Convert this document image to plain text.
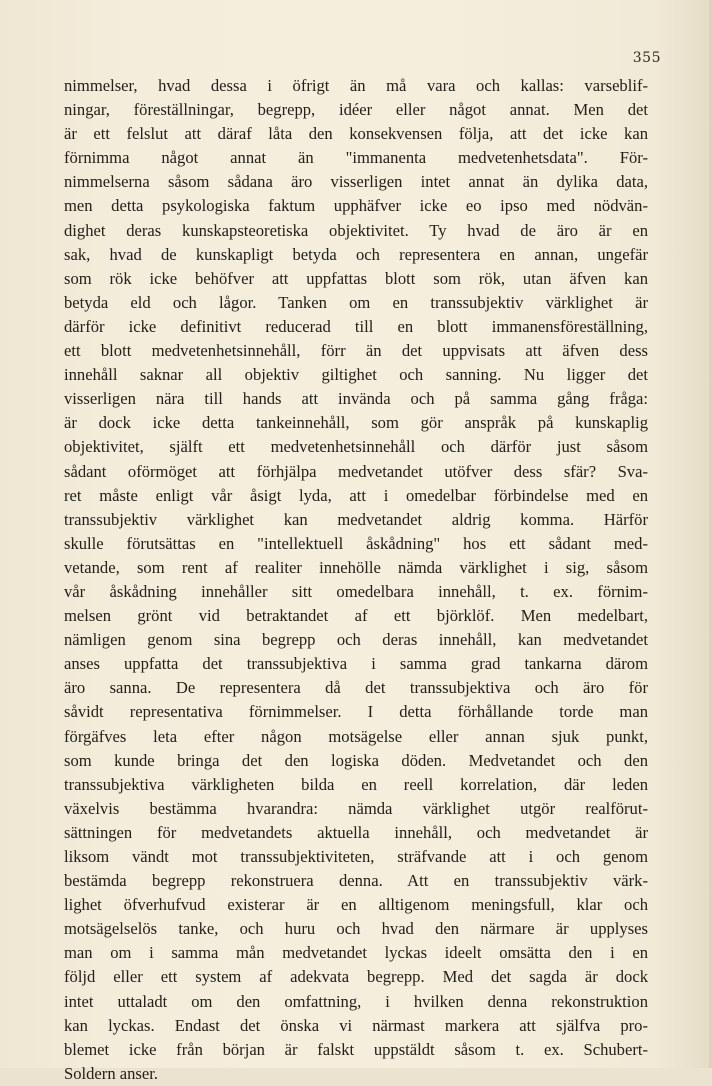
355
nimmelser, hvad dessa i öfrigt än må vara och kallas: varseblif-
ningar, föreställningar, begrepp, idéer eller något annat. Men det
är ett felslut att däraf låta den konsekvensen följa, att det icke kan
förnimma något annat än "immanenta medvetenhetsdata". För-
nimmelserna såsom sådana äro visserligen intet annat än dylika data,
men detta psykologiska faktum upphäfver icke eo ipso med nödvän-
dighet deras kunskapsteoretiska objektivitet. Ty hvad de äro är en
sak, hvad de kunskapligt betyda och representera en annan, ungefär
som rök icke behöfver att uppfattas blott som rök, utan äfven kan
betyda eld och lågor. Tanken om en transsubjektiv värklighet är
därför icke definitivt reducerad till en blott immanensföreställning,
ett blott medvetenhetsinnehåll, förr än det uppvisats att äfven dess
innehåll saknar all objektiv giltighet och sanning. Nu ligger det
visserligen nära till hands att invända och på samma gång fråga:
är dock icke detta tankeinnehåll, som gör anspråk på kunskaplig
objektivitet, själft ett medvetenhetsinnehåll och därför just såsom
sådant oförmöget att förhjälpa medvetandet utöfver dess sfär? Sva-
ret måste enligt vår åsigt lyda, att i omedelbar förbindelse med en
transsubjektiv värklighet kan medvetandet aldrig komma. Härför
skulle förutsättas en "intellektuell åskådning" hos ett sådant med-
vetande, som rent af realiter innehölle nämda värklighet i sig, såsom
vår åskådning innehåller sitt omedelbara innehåll, t. ex. förnim-
melsen grönt vid betraktandet af ett björklöf. Men medelbart,
nämligen genom sina begrepp och deras innehåll, kan medvetandet
anses uppfatta det transsubjektiva i samma grad tankarna därom
äro sanna. De representera då det transsubjektiva och äro för
såvidt representativa förnimmelser. I detta förhållande torde man
förgäfves leta efter någon motsägelse eller annan sjuk punkt,
som kunde bringa det den logiska döden. Medvetandet och den
transsubjektiva värkligheten bilda en reell korrelation, där leden
växelvis bestämma hvarandra: nämda värklighet utgör realförut-
sättningen för medvetandets aktuella innehåll, och medvetandet är
liksom vändt mot transsubjektiviteten, sträfvande att i och genom
bestämda begrepp rekonstruera denna. Att en transsubjektiv värk-
lighet öfverhufvud existerar är en alltigenom meningsfull, klar och
motsägelselös tanke, och huru och hvad den närmare är upplyses
man om i samma mån medvetandet lyckas ideelt omsätta den i en
följd eller ett system af adekvata begrepp. Med det sagda är dock
intet uttaladt om den omfattning, i hvilken denna rekonstruktion
kan lyckas. Endast det önska vi närmast markera att själfva pro-
blemet icke från början är falskt uppstäldt såsom t. ex. Schubert-
Soldern anser.
